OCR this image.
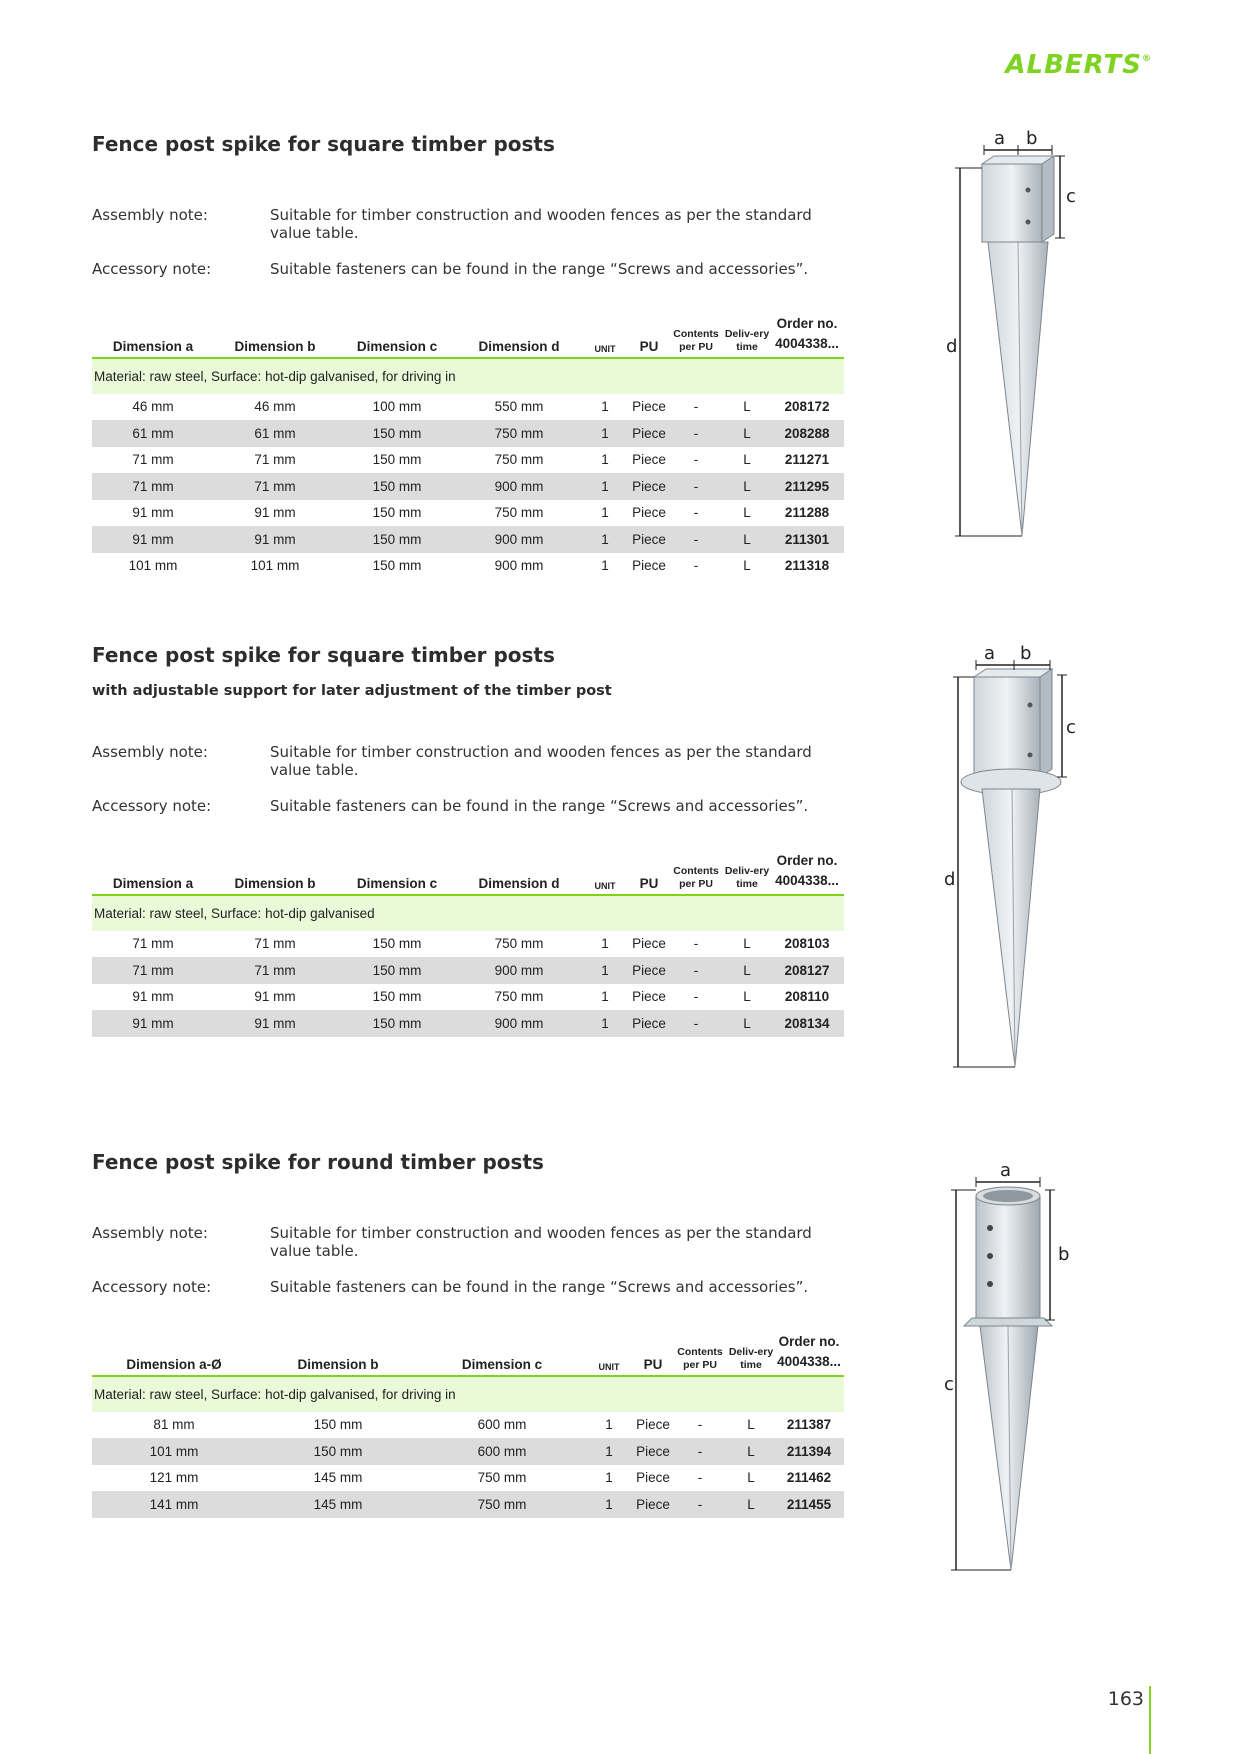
ALBERTS®
Fence post spike for square timber posts
Assembly note:	Suitable for timber construction and wooden fences as per the standard value table.
Accessory note:	Suitable fasteners can be found in the range “Screws and accessories”.
Dimension a	Dimension b	Dimension c	Dimension d	UNIT	PU	Contents per PU	Deliv-ery time	Order no. 4004338...
Material: raw steel, Surface: hot-dip galvanised, for driving in								
46 mm	46 mm	100 mm	550 mm	1	Piece	-	L	208172
61 mm	61 mm	150 mm	750 mm	1	Piece	-	L	208288
71 mm	71 mm	150 mm	750 mm	1	Piece	-	L	211271
71 mm	71 mm	150 mm	900 mm	1	Piece	-	L	211295
91 mm	91 mm	150 mm	750 mm	1	Piece	-	L	211288
91 mm	91 mm	150 mm	900 mm	1	Piece	-	L	211301
101 mm	101 mm	150 mm	900 mm	1	Piece	-	L	211318
Fence post spike for square timber posts
with adjustable support for later adjustment of the timber post
Assembly note:	Suitable for timber construction and wooden fences as per the standard value table.
Accessory note:	Suitable fasteners can be found in the range “Screws and accessories”.
Dimension a	Dimension b	Dimension c	Dimension d	UNIT	PU	Contents per PU	Deliv-ery time	Order no. 4004338...
Material: raw steel, Surface: hot-dip galvanised								
71 mm	71 mm	150 mm	750 mm	1	Piece	-	L	208103
71 mm	71 mm	150 mm	900 mm	1	Piece	-	L	208127
91 mm	91 mm	150 mm	750 mm	1	Piece	-	L	208110
91 mm	91 mm	150 mm	900 mm	1	Piece	-	L	208134
Fence post spike for round timber posts
Assembly note:	Suitable for timber construction and wooden fences as per the standard value table.
Accessory note:	Suitable fasteners can be found in the range “Screws and accessories”.
Dimension a-Ø	Dimension b	Dimension c	UNIT	PU	Contents per PU	Deliv-ery time	Order no. 4004338...
Material: raw steel, Surface: hot-dip galvanised, for driving in							
81 mm	150 mm	600 mm	1	Piece	-	L	211387
101 mm	150 mm	600 mm	1	Piece	-	L	211394
121 mm	145 mm	750 mm	1	Piece	-	L	211462
141 mm	145 mm	750 mm	1	Piece	-	L	211455
a b
c
d
a b
c
d
a
b
c
163
